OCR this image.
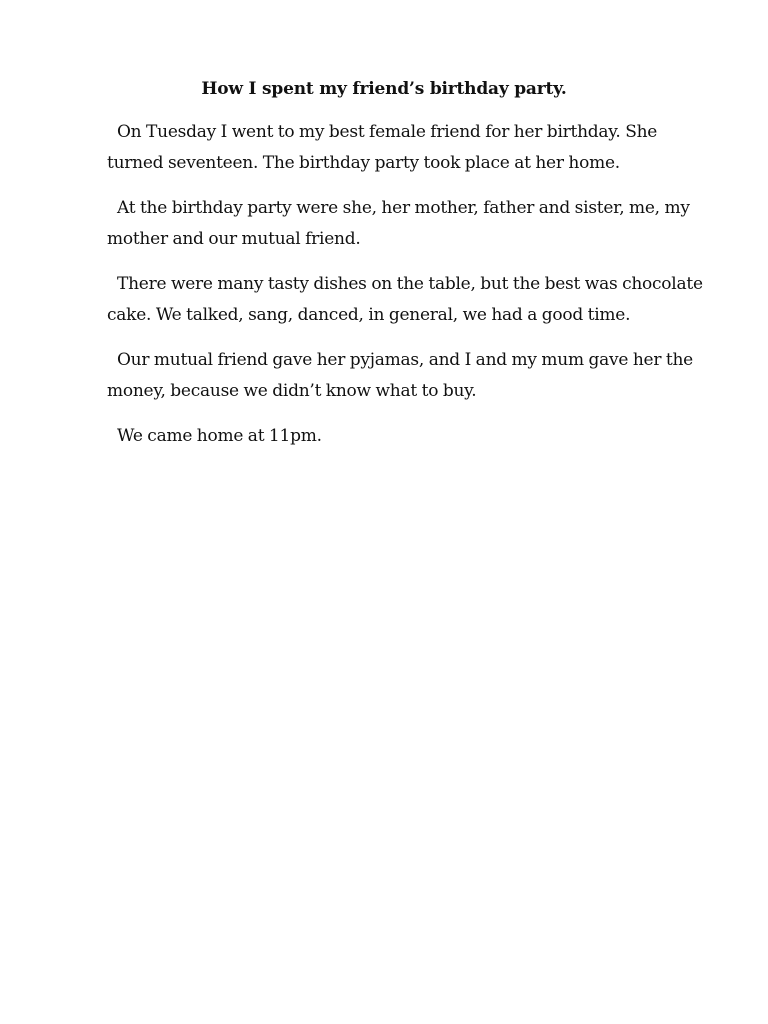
How I spent my friend’s birthday party.

On Tuesday I went to my best female friend for her birthday. She turned seventeen. The birthday party took place at her home.

At the birthday party were she, her mother, father and sister, me, my mother and our mutual friend.

There were many tasty dishes on the table, but the best was chocolate cake. We talked, sang, danced, in general, we had a good time.

Our mutual friend gave her pyjamas, and I and my mum gave her the money, because we didn’t know what to buy.

We came home at 11pm.
